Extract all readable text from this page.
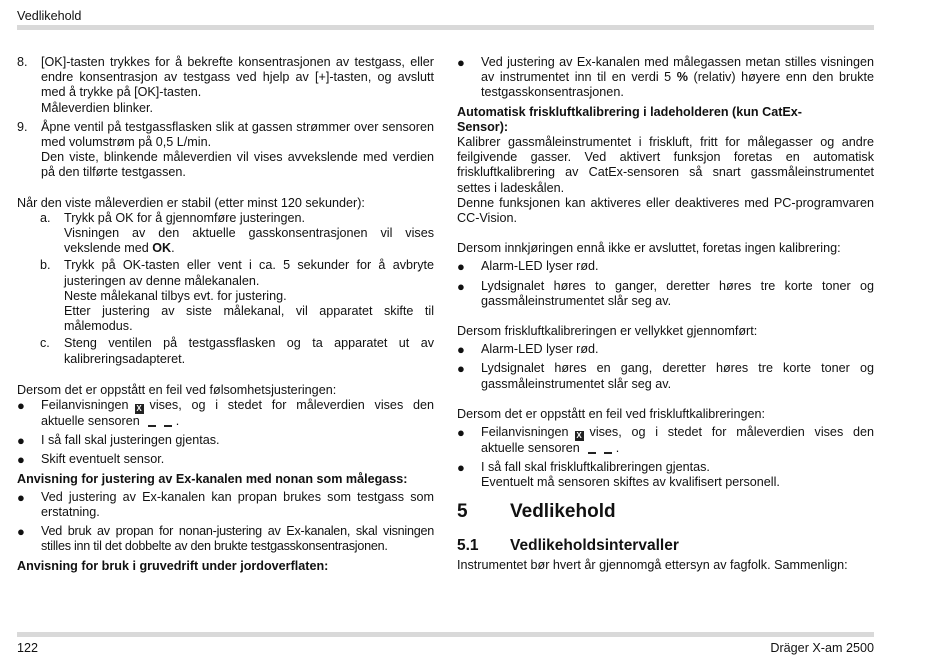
Vedlikehold
8.	[OK]-tasten trykkes for å bekrefte konsentrasjonen av testgass, eller endre konsentrasjon av testgass ved hjelp av [+]-tasten, og avslutt med å trykke på [OK]-tasten.

Måleverdien blinker.

9.	Åpne ventil på testgassflasken slik at gassen strømmer over sensoren med volumstrøm på 0,5 L/min.

Den viste, blinkende måleverdien vil vises avvekslende med verdien på den tilførte testgassen.

Når den viste måleverdien er stabil (etter minst 120 sekunder):

a.	Trykk på OK for å gjennomføre justeringen.
Visningen av den aktuelle gasskonsentrasjonen vil vises vekslende med OK.
b.	Trykk på OK-tasten eller vent i ca. 5 sekunder for å avbryte justeringen av denne målekanalen.
Neste målekanal tilbys evt. for justering.
Etter justering av siste målekanal, vil apparatet skifte til målemodus.
c.	Steng ventilen på testgassflasken og ta apparatet ut av kalibreringsadapteret.

Dersom det er oppstått en feil ved følsomhetsjusteringen:

●	Feilanvisningen X vises, og i stedet for måleverdien vises den aktuelle sensoren	.
●	I så fall skal justeringen gjentas.
●	Skift eventuelt sensor.

Anvisning for justering av Ex-kanalen med nonan som målegass:

●	Ved justering av Ex-kanalen kan propan brukes som testgass som erstatning.
●	Ved bruk av propan for nonan-justering av Ex-kanalen, skal visningen stilles inn til det dobbelte av den brukte testgasskonsentrasjonen.

Anvisning for bruk i gruvedrift under jordoverflaten:

●	Ved justering av Ex-kanalen med målegassen metan stilles visningen av instrumentet inn til en verdi 5 % (relativ) høyere enn den brukte testgasskonsentrasjonen.

Automatisk friskluftkalibrering i ladeholderen (kun CatEx-Sensor):

Kalibrer gassmåleinstrumentet i friskluft, fritt for målegasser og andre feilgivende gasser. Ved aktivert funksjon foretas en automatisk friskluftkalibrering av CatEx-sensoren så snart gassmåleinstrumentet settes i ladeskålen.

Denne funksjonen kan aktiveres eller deaktiveres med PC-programvaren CC-Vision.

Dersom innkjøringen ennå ikke er avsluttet, foretas ingen kalibrering:

●	Alarm-LED lyser rød.
●	Lydsignalet høres to ganger, deretter høres tre korte toner og gassmåleinstrumentet slår seg av.

Dersom friskluftkalibreringen er vellykket gjennomført:

●	Alarm-LED lyser rød.
●	Lydsignalet høres en gang, deretter høres tre korte toner og gassmåleinstrumentet slår seg av.

Dersom det er oppstått en feil ved friskluftkalibreringen:

●	Feilanvisningen X vises, og i stedet for måleverdien vises den aktuelle sensoren	.
●	I så fall skal friskluftkalibreringen gjentas.

Eventuelt må sensoren skiftes av kvalifisert personell.

5	Vedlikehold
5.1	Vedlikeholdsintervaller

Instrumentet bør hvert år gjennomgå ettersyn av fagfolk. Sammenlign:

122	Dräger X-am 2500
